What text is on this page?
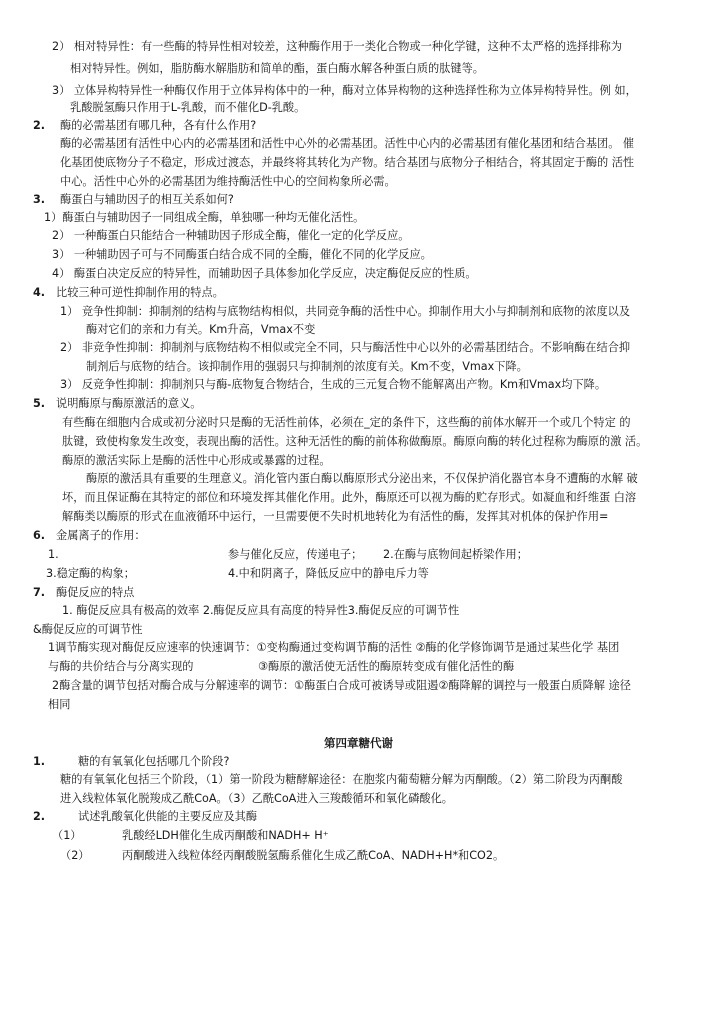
2） 相对特异性：有一些酶的特异性相对较差，这种酶作用于一类化合物或一种化学键，这种不太严格的选择排称为
相对特异性。例如，脂肪酶水解脂肪和简单的酯，蛋白酶水解各种蛋白质的肽键等。
3） 立体异构特异性一种酶仅作用于立体异构体中的一种，酶对立体异构物的这种选择性称为立体异构特异性。例 如，
乳酸脱氢酶只作用于L-乳酸，而不催化D-乳酸。
2. 酶的必需基团有哪几种，各有什么作用?
酶的必需基团有活性中心内的必需基团和活性中心外的必需基团。活性中心内的必需基团有催化基团和结合基团。 催
化基团使底物分子不稳定，形成过渡态，并最终将其转化为产物。结合基团与底物分子相结合，将其固定于酶的 活性
中心。活性中心外的必需基团为维持酶活性中心的空间构象所必需。
3. 酶蛋白与辅助因子的相互关系如何?
1）酶蛋白与辅助因子一同组成全酶，单独哪一种均无催化活性。
2） 一种酶蛋白只能结合一种辅助因子形成全酶，催化一定的化学反应。
3） 一种辅助因子可与不同酶蛋白结合成不同的全酶，催化不同的化学反应。
4） 酶蛋白决定反应的特异性，而辅助因子具体参加化学反应，决定酶促反应的性质。
4. 比较三种可逆性抑制作用的特点。
1） 竞争性抑制：抑制剂的结构与底物结构相似，共同竞争酶的活性中心。抑制作用大小与抑制剂和底物的浓度以及
酶对它们的亲和力有关。Km升高，Vmax不变
2） 非竞争性抑制：抑制剂与底物结构不相似或完全不同，只与酶活性中心以外的必需基团结合。不影响酶在结合抑
制剂后与底物的结合。该抑制作用的强弱只与抑制剂的浓度有关。Km不变，Vmax下降。
3） 反竞争性抑制：抑制剂只与酶-底物复合物结合，生成的三元复合物不能解离出产物。Km和Vmax均下降。
5. 说明酶原与酶原激活的意义。
有些酶在细胞内合成或初分泌时只是酶的无活性前体，必须在_定的条件下，这些酶的前体水解开一个或几个特定 的
肽键，致使构象发生改变，表现出酶的活性。这种无活性的酶的前体称做酶原。酶原向酶的转化过程称为酶原的激 活。
酶原的激活实际上是酶的活性中心形成或暴露的过程。
酶原的激活具有重要的生理意义。消化管内蛋白酶以酶原形式分泌出来，不仅保护消化器官本身不遭酶的水解 破
坏，而且保证酶在其特定的部位和环境发挥其催化作用。此外，酶原还可以视为酶的贮存形式。如凝血和纤维蛋 白溶
解酶类以酶原的形式在血液循环中运行，一旦需要便不失时机地转化为有活性的酶，发挥其对机体的保护作用=
6. 金属离子的作用：
1.	参与催化反应，传递电子； 2.在酶与底物间起桥梁作用；
3.稳定酶的构象；	4.中和阴离子，降低反应中的静电斥力等
7. 酶促反应的特点
1. 酶促反应具有极高的效率 2.酶促反应具有高度的特异性3.酶促反应的可调节性
&酶促反应的可调节性
1调节酶实现对酶促反应速率的快速调节：①变构酶通过变构调节酶的活性 ②酶的化学修饰调节是通过某些化学 基团
与酶的共价结合与分离实现的	③酶原的激活使无活性的酶原转变成有催化活性的酶
2酶含量的调节包括对酶合成与分解速率的调节：①酶蛋白合成可被诱导或阻遏②酶降解的调控与一般蛋白质降解 途径
相同
第四章糖代谢
1.	糖的有氧氧化包括哪几个阶段?
糖的有氧氧化包括三个阶段，（1）第一阶段为糖酵解途径：在胞浆内葡萄糖分解为丙酮酸。（2）第二阶段为丙酮酸
进入线粒体氧化脱羧成乙酰CoA。（3）乙酰CoA进入三羧酸循环和氧化磷酸化。
2.	试述乳酸氧化供能的主要反应及其酶
（1）	乳酸经LDH催化生成丙酮酸和NADH+ H⁺
（2）	丙酮酸进入线粒体经丙酮酸脱氢酶系催化生成乙酰CoA、NADH+H*和CO2。
